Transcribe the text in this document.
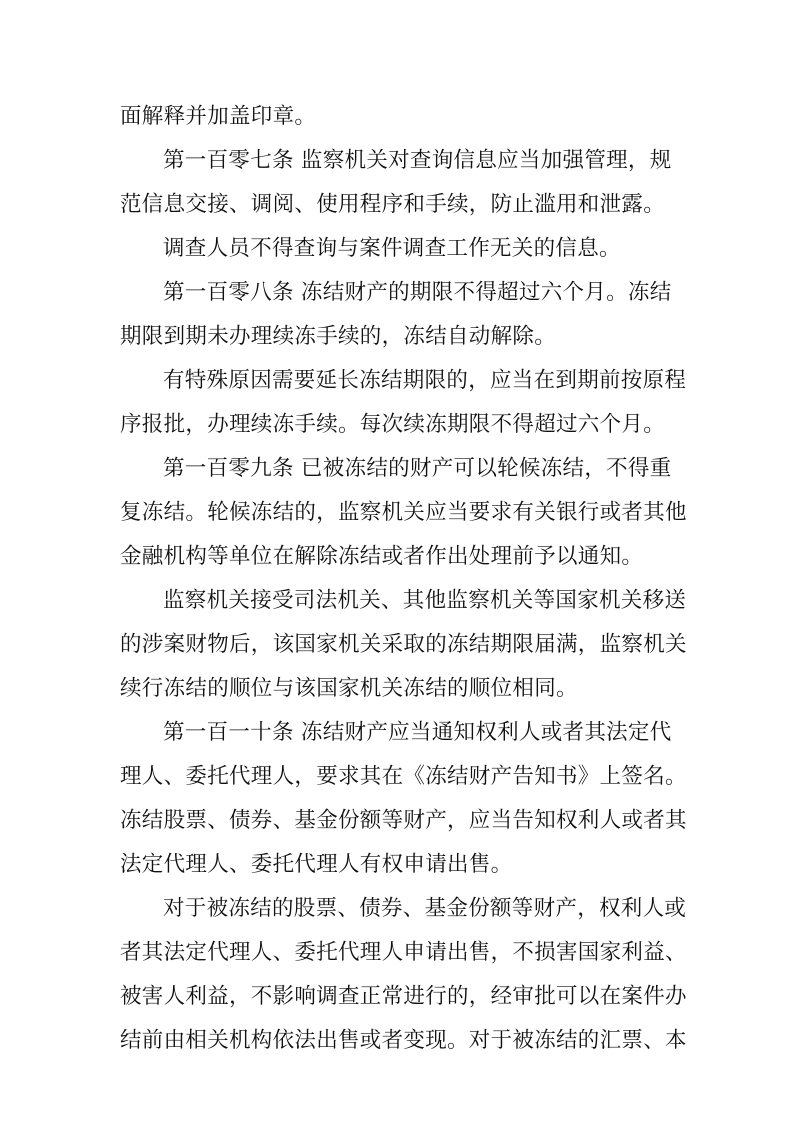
面解释并加盖印章。
第一百零七条 监察机关对查询信息应当加强管理，规
范信息交接、调阅、使用程序和手续，防止滥用和泄露。
调查人员不得查询与案件调查工作无关的信息。
第一百零八条 冻结财产的期限不得超过六个月。冻结
期限到期未办理续冻手续的，冻结自动解除。
有特殊原因需要延长冻结期限的，应当在到期前按原程
序报批，办理续冻手续。每次续冻期限不得超过六个月。
第一百零九条 已被冻结的财产可以轮候冻结，不得重
复冻结。轮候冻结的，监察机关应当要求有关银行或者其他
金融机构等单位在解除冻结或者作出处理前予以通知。
监察机关接受司法机关、其他监察机关等国家机关移送
的涉案财物后，该国家机关采取的冻结期限届满，监察机关
续行冻结的顺位与该国家机关冻结的顺位相同。
第一百一十条 冻结财产应当通知权利人或者其法定代
理人、委托代理人，要求其在《冻结财产告知书》上签名。
冻结股票、债券、基金份额等财产，应当告知权利人或者其
法定代理人、委托代理人有权申请出售。
对于被冻结的股票、债券、基金份额等财产，权利人或
者其法定代理人、委托代理人申请出售，不损害国家利益、
被害人利益，不影响调查正常进行的，经审批可以在案件办
结前由相关机构依法出售或者变现。对于被冻结的汇票、本
